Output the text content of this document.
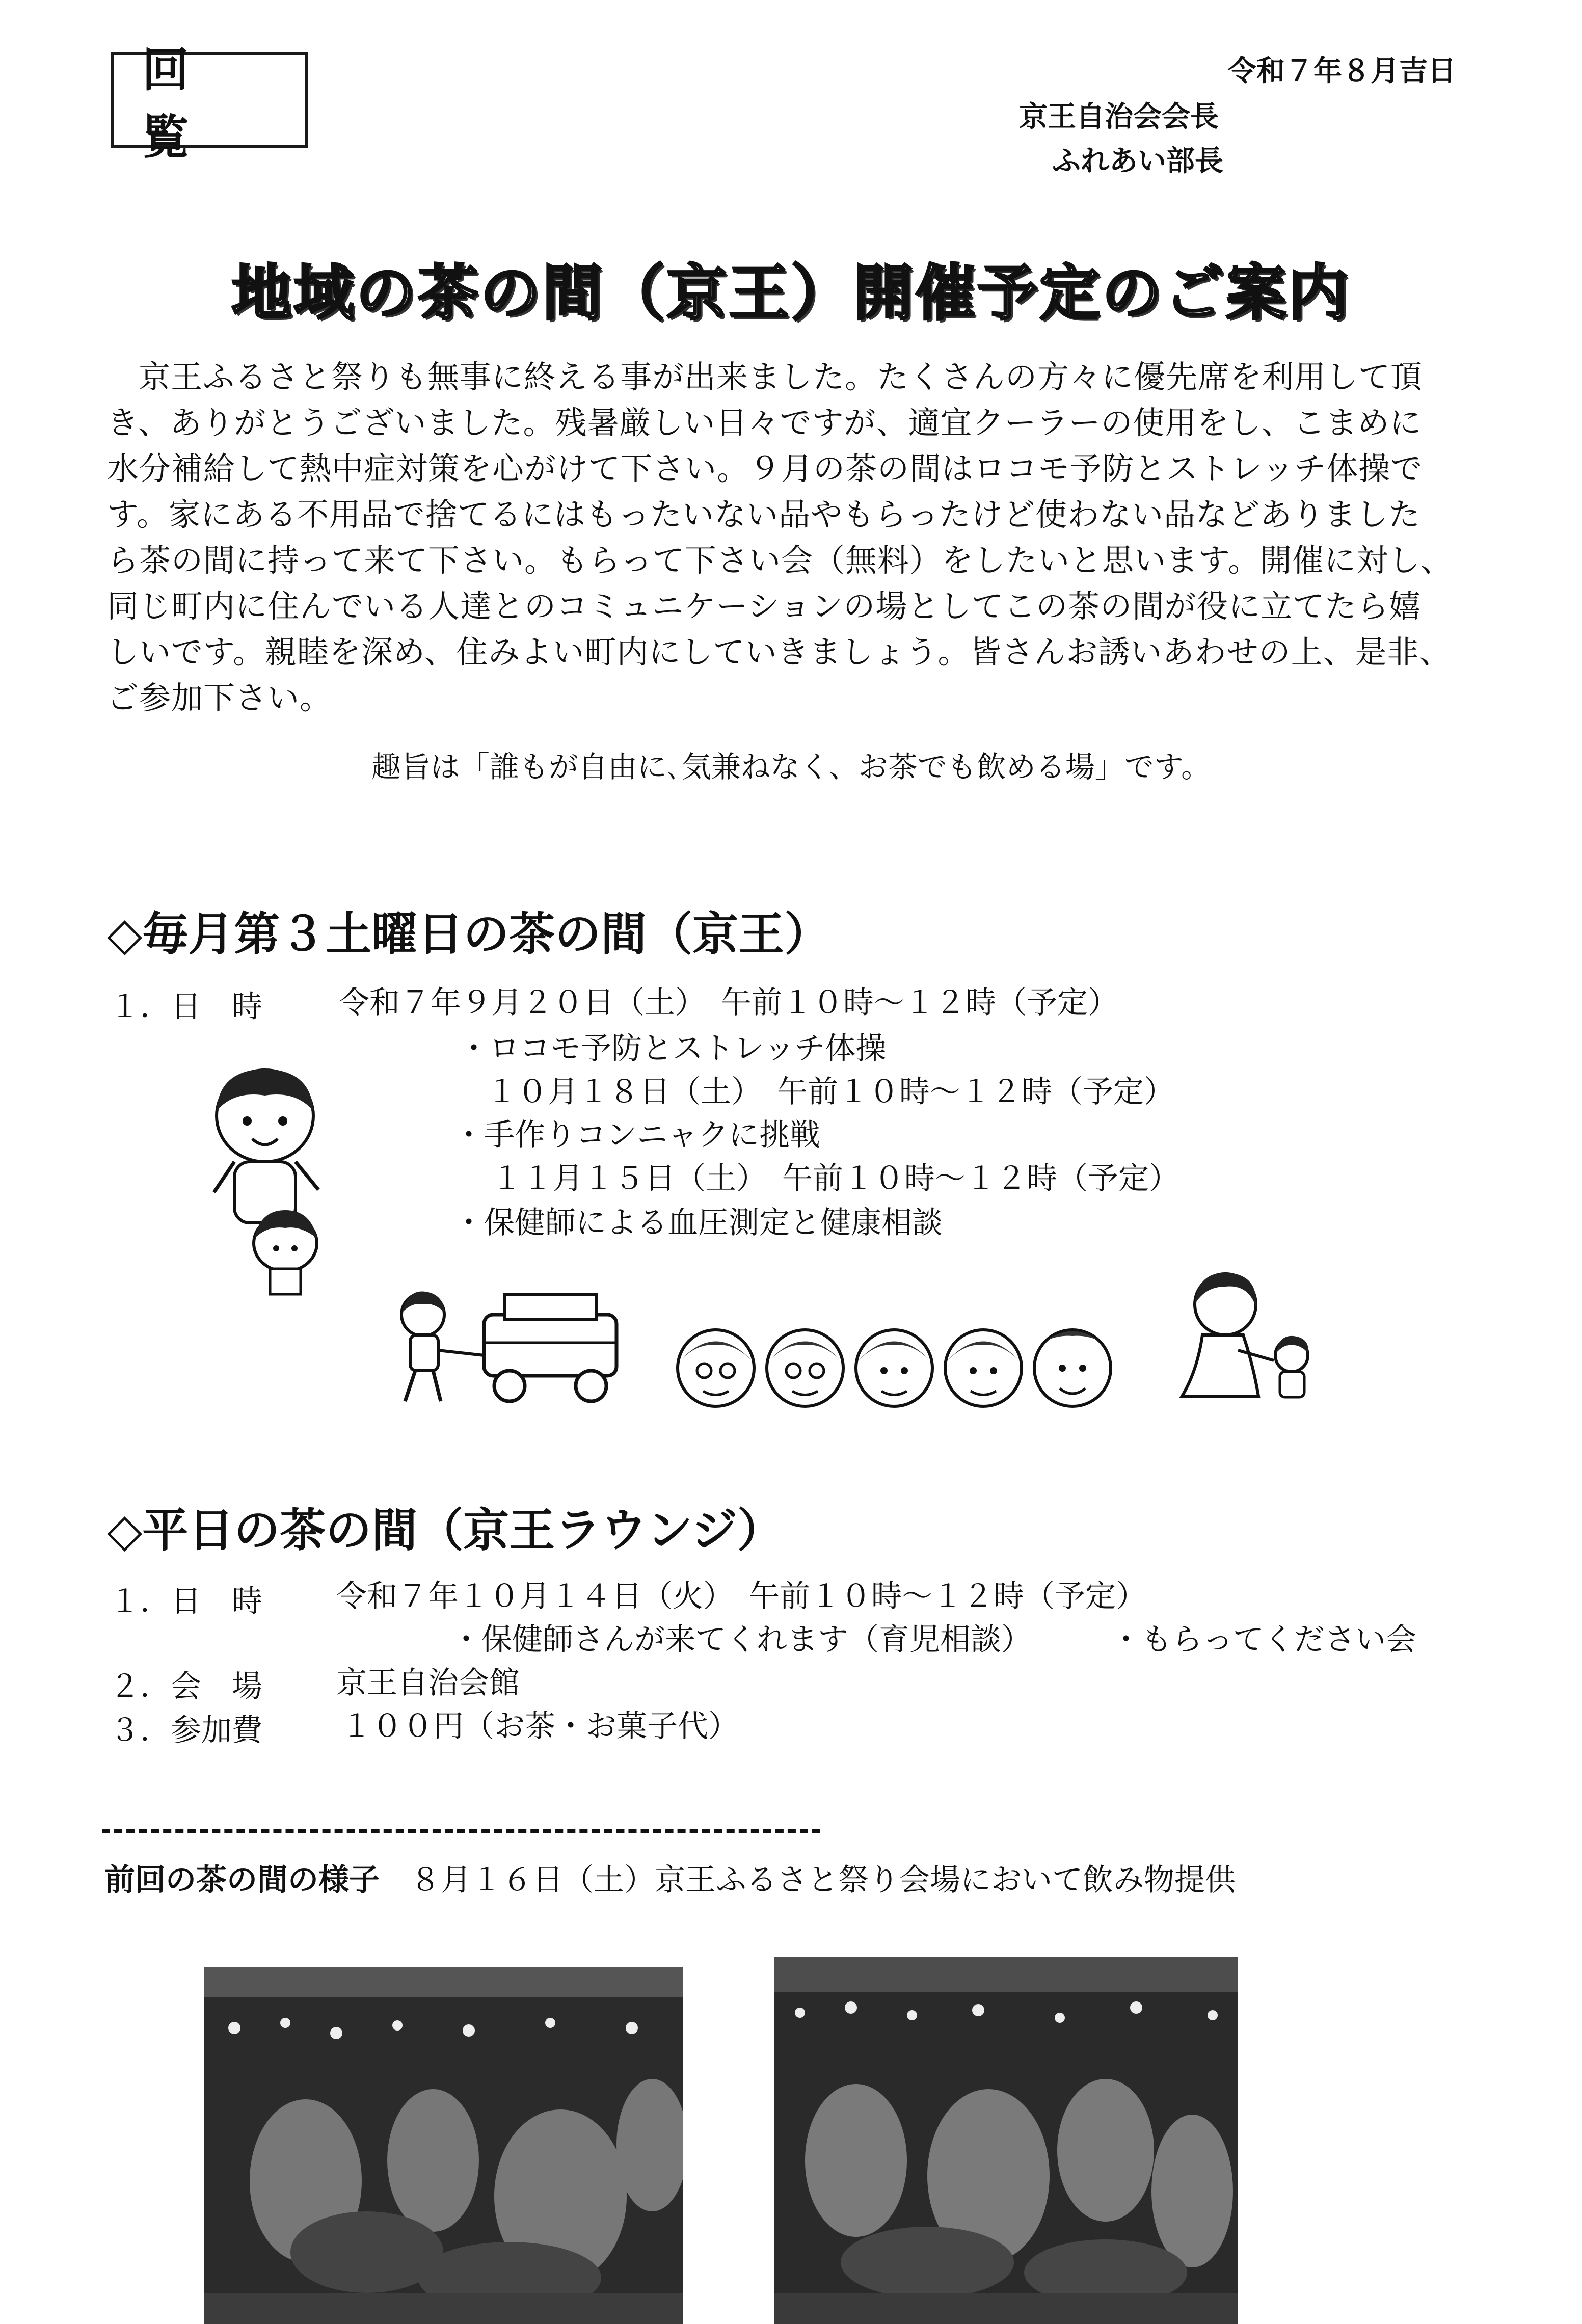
回　覧
令和７年８月吉日
京王自治会会長
ふれあい部長
地域の茶の間（京王）開催予定のご案内
京王ふるさと祭りも無事に終える事が出来ました。たくさんの方々に優先席を利用して頂
き、ありがとうございました。残暑厳しい日々ですが、適宜クーラーの使用をし、こまめに
水分補給して熱中症対策を心がけて下さい。９月の茶の間はロコモ予防とストレッチ体操で
す。家にある不用品で捨てるにはもったいない品やもらったけど使わない品などありました
ら茶の間に持って来て下さい。もらって下さい会（無料）をしたいと思います。開催に対し、
同じ町内に住んでいる人達とのコミュニケーションの場としてこの茶の間が役に立てたら嬉
しいです。親睦を深め、住みよい町内にしていきましょう。皆さんお誘いあわせの上、是非、
ご参加下さい。
趣旨は「誰もが自由に､気兼ねなく、お茶でも飲める場」です。
◇毎月第３土曜日の茶の間（京王）
１．日　時	令和７年９月２０日（土）　午前１０時～１２時（予定）
・ロコモ予防とストレッチ体操
１０月１８日（土）　午前１０時～１２時（予定）
・手作りコンニャクに挑戦
１１月１５日（土）　午前１０時～１２時（予定）
・保健師による血圧測定と健康相談
◇平日の茶の間（京王ラウンジ）
１．日　時 令和７年１０月１４日（火）　午前１０時～１２時（予定）
・保健師さんが来てくれます（育児相談）	・もらってください会
２．会　場 京王自治会館
３．参加費	１００円（お茶・お菓子代）
前回の茶の間の様子　 ８月１６日（土）京王ふるさと祭り会場において飲み物提供
